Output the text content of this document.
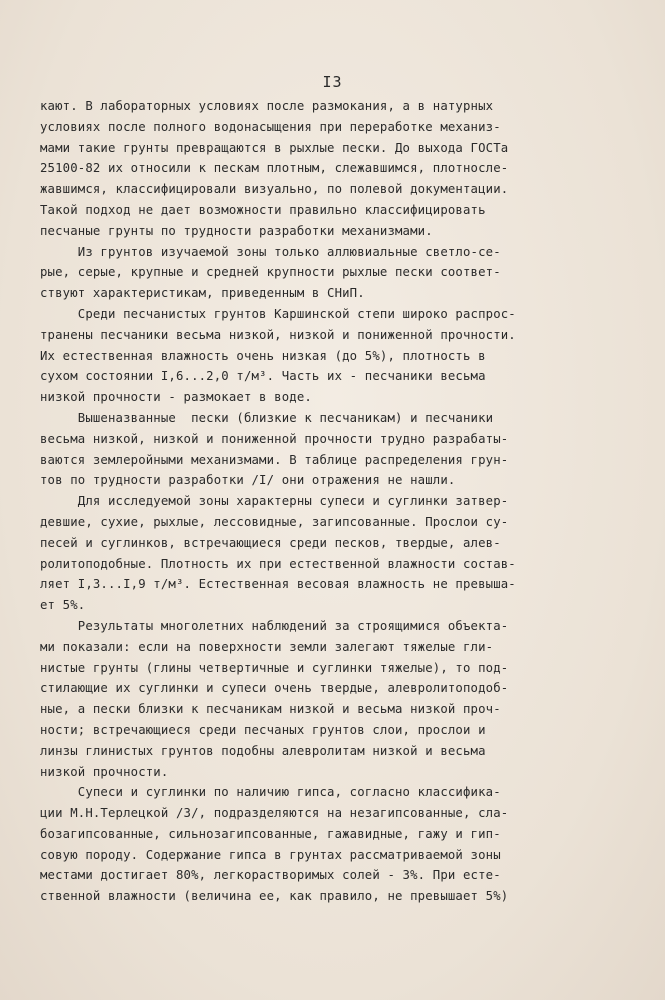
I3
кают. В лабораторных условиях после размокания, а в натурных
условиях после полного водонасыщения при переработке механиз-
мами такие грунты превращаются в рыхлые пески. До выхода ГОСТа
25100-82 их относили к пескам плотным, слежавшимся, плотносле-
жавшимся, классифицировали визуально, по полевой документации.
Такой подход не дает возможности правильно классифицировать
песчаные грунты по трудности разработки механизмами.
Из грунтов изучаемой зоны только аллювиальные светло-се-
рые, серые, крупные и средней крупности рыхлые пески соответ-
ствуют характеристикам, приведенным в СНиП.
Среди песчанистых грунтов Каршинской степи широко распрос-
транены песчаники весьма низкой, низкой и пониженной прочности.
Их естественная влажность очень низкая (до 5%), плотность в
сухом состоянии I,6...2,0 т/м³. Часть их - песчаники весьма
низкой прочности - размокает в воде.
Вышеназванные  пески (близкие к песчаникам) и песчаники
весьма низкой, низкой и пониженной прочности трудно разрабаты-
ваются землеройными механизмами. В таблице распределения грун-
тов по трудности разработки /I/ они отражения не нашли.
Для исследуемой зоны характерны супеси и суглинки затвер-
девшие, сухие, рыхлые, лессовидные, загипсованные. Прослои су-
песей и суглинков, встречающиеся среди песков, твердые, алев-
ролитоподобные. Плотность их при естественной влажности состав-
ляет I,3...I,9 т/м³. Естественная весовая влажность не превыша-
ет 5%.
Результаты многолетних наблюдений за строящимися объекта-
ми показали: если на поверхности земли залегают тяжелые гли-
нистые грунты (глины четвертичные и суглинки тяжелые), то под-
стилающие их суглинки и супеси очень твердые, алевролитоподоб-
ные, а пески близки к песчаникам низкой и весьма низкой проч-
ности; встречающиеся среди песчаных грунтов слои, прослои и
линзы глинистых грунтов подобны алевролитам низкой и весьма
низкой прочности.
Супеси и суглинки по наличию гипса, согласно классифика-
ции М.Н.Терлецкой /3/, подразделяются на незагипсованные, сла-
бозагипсованные, сильнозагипсованные, гажавидные, гажу и гип-
совую породу. Содержание гипса в грунтах рассматриваемой зоны
местами достигает 80%, легкорастворимых солей - 3%. При есте-
ственной влажности (величина ее, как правило, не превышает 5%)
